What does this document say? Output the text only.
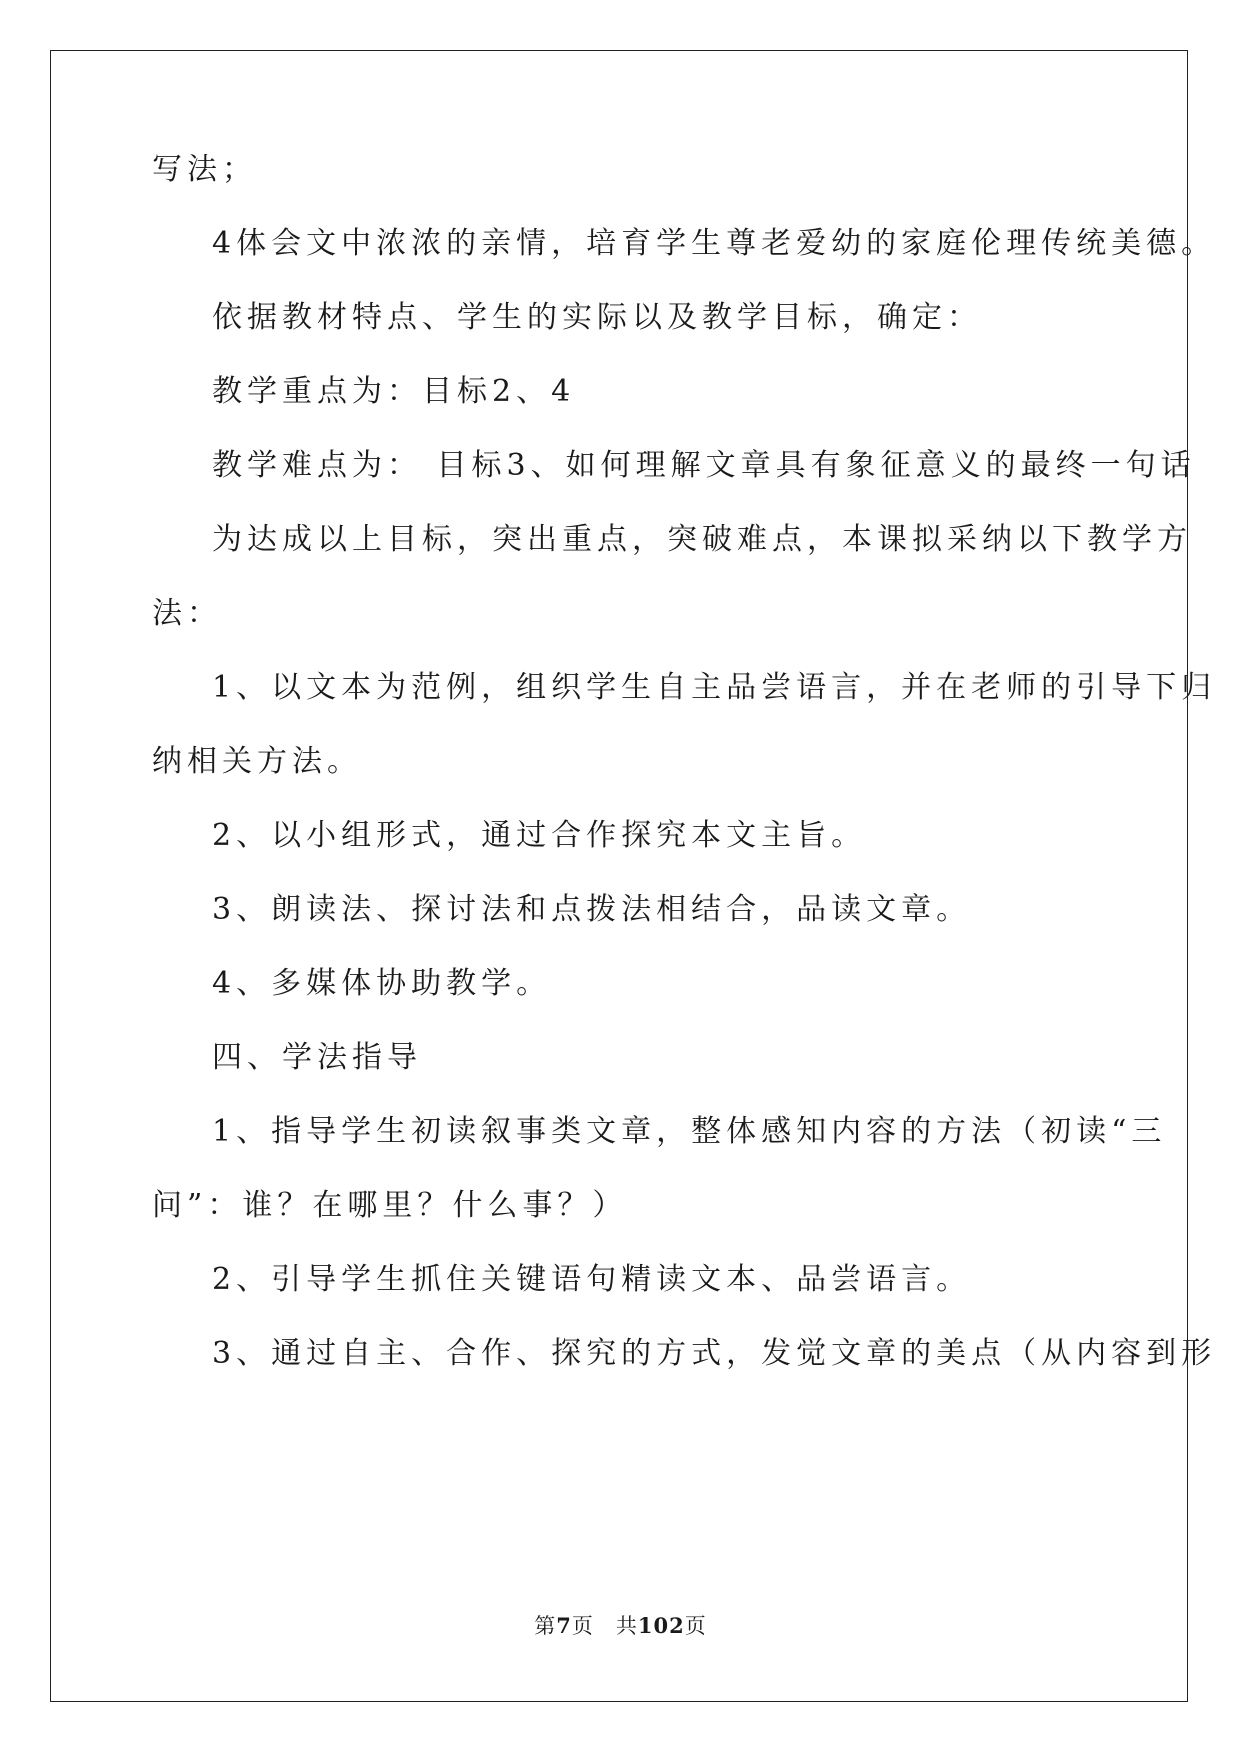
写法；
4体会文中浓浓的亲情，培育学生尊老爱幼的家庭伦理传统美德。
依据教材特点、学生的实际以及教学目标，确定：
教学重点为：目标2、4
教学难点为： 目标3、如何理解文章具有象征意义的最终一句话
为达成以上目标，突出重点，突破难点，本课拟采纳以下教学方
法：
1、以文本为范例，组织学生自主品尝语言，并在老师的引导下归
纳相关方法。
2、以小组形式，通过合作探究本文主旨。
3、朗读法、探讨法和点拨法相结合，品读文章。
4、多媒体协助教学。
四、学法指导
1、指导学生初读叙事类文章，整体感知内容的方法（初读“三
问”：谁？在哪里？什么事？）
2、引导学生抓住关键语句精读文本、品尝语言。
3、通过自主、合作、探究的方式，发觉文章的美点（从内容到形
第7页　共102页
